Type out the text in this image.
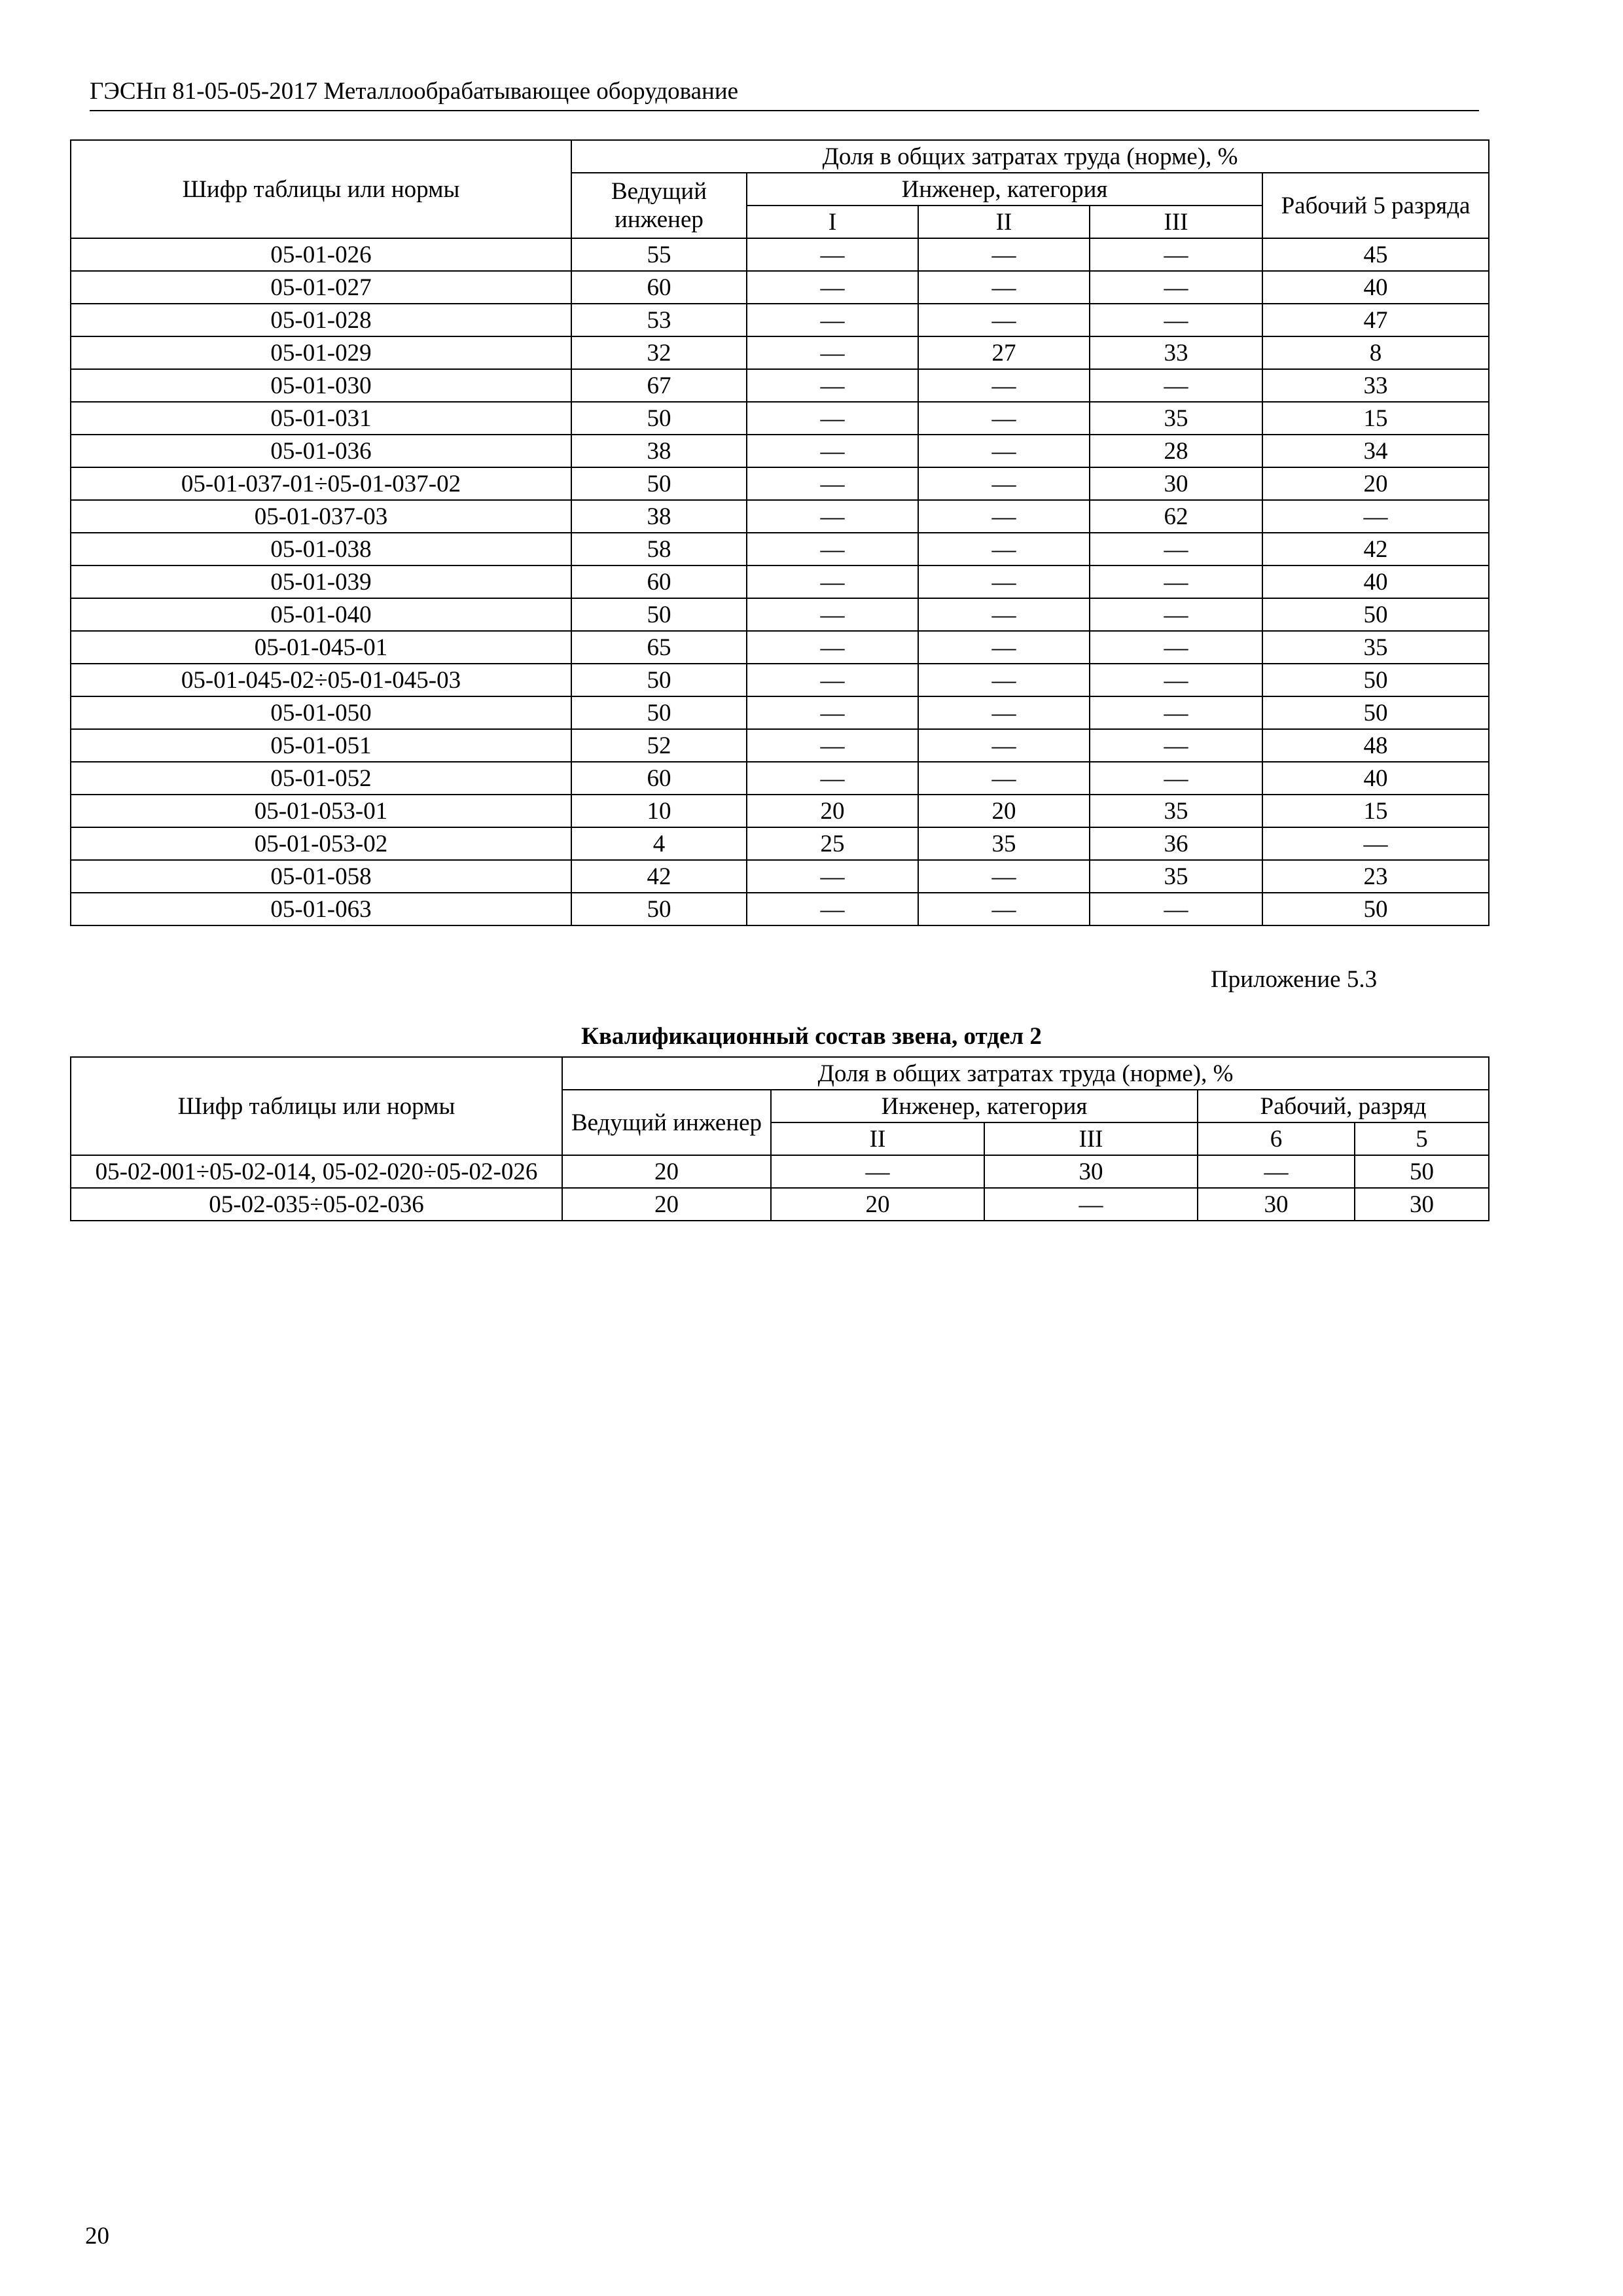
ГЭСНп 81-05-05-2017 Металлообрабатывающее оборудование
Шифр таблицы или нормы	Доля в общих затратах труда (норме), %				
	Ведущий инженер	Инженер, категория			Рабочий 5 разряда
		I	II	III	
05-01-026	55	—	—	—	45
05-01-027	60	—	—	—	40
05-01-028	53	—	—	—	47
05-01-029	32	—	27	33	8
05-01-030	67	—	—	—	33
05-01-031	50	—	—	35	15
05-01-036	38	—	—	28	34
05-01-037-01÷05-01-037-02	50	—	—	30	20
05-01-037-03	38	—	—	62	—
05-01-038	58	—	—	—	42
05-01-039	60	—	—	—	40
05-01-040	50	—	—	—	50
05-01-045-01	65	—	—	—	35
05-01-045-02÷05-01-045-03	50	—	—	—	50
05-01-050	50	—	—	—	50
05-01-051	52	—	—	—	48
05-01-052	60	—	—	—	40
05-01-053-01	10	20	20	35	15
05-01-053-02	4	25	35	36	—
05-01-058	42	—	—	35	23
05-01-063	50	—	—	—	50
Приложение 5.3
Квалификационный состав звена, отдел 2
Шифр таблицы или нормы	Доля в общих затратах труда (норме), %				
	Ведущий инженер	Инженер, категория		Рабочий, разряд	
		II	III	6	5
05-02-001÷05-02-014, 05-02-020÷05-02-026	20	—	30	—	50
05-02-035÷05-02-036	20	20	—	30	30
20
